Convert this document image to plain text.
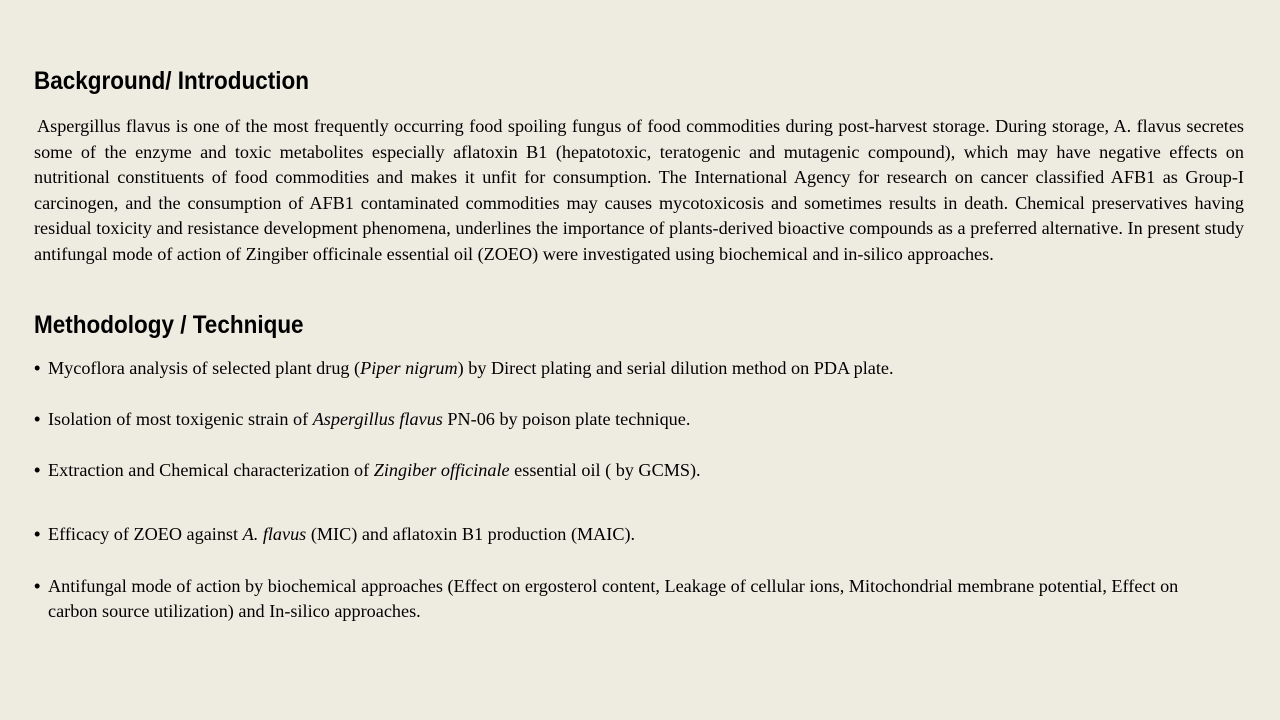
Background/ Introduction

Aspergillus flavus is one of the most frequently occurring food spoiling fungus of food commodities during post-harvest storage. During storage, A. flavus secretes some of the enzyme and toxic metabolites especially aflatoxin B1 (hepatotoxic, teratogenic and mutagenic compound), which may have negative effects on nutritional constituents of food commodities and makes it unfit for consumption. The International Agency for research on cancer classified AFB1 as Group-I carcinogen, and the consumption of AFB1 contaminated commodities may causes mycotoxicosis and sometimes results in death. Chemical preservatives having residual toxicity and resistance development phenomena, underlines the importance of plants-derived bioactive compounds as a preferred alternative. In present study antifungal mode of action of Zingiber officinale essential oil (ZOEO) were investigated using biochemical and in-silico approaches.

Methodology / Technique
• Mycoflora analysis of selected plant drug (Piper nigrum) by Direct plating and serial dilution method on PDA plate.
• Isolation of most toxigenic strain of Aspergillus flavus PN-06 by poison plate technique.
• Extraction and Chemical characterization of Zingiber officinale essential oil ( by GCMS).
• Efficacy of ZOEO against A. flavus (MIC) and aflatoxin B1 production (MAIC).
• Antifungal mode of action by biochemical approaches (Effect on ergosterol content, Leakage of cellular ions, Mitochondrial membrane potential, Effect on carbon source utilization) and In-silico approaches.
